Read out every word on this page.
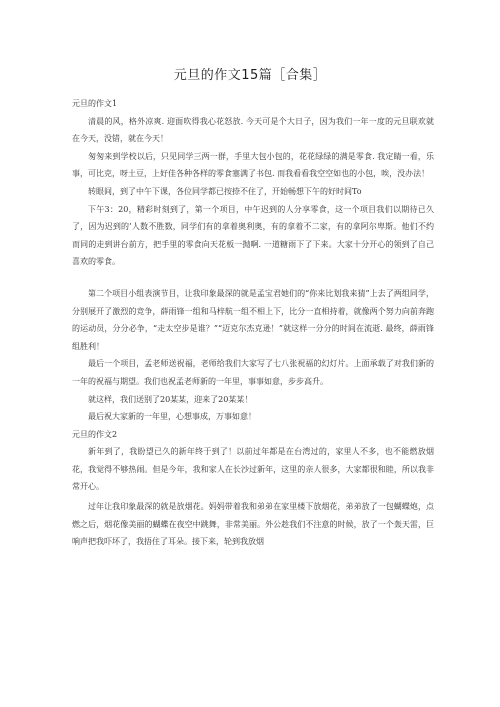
元旦的作文15篇［合集］

元旦的作文1

清晨的风，格外凉爽. 迎面吹得我心花怒放. 今天可是个大日子，因为我们一年一度的元旦联欢就在今天，没错，就在今天！

匆匆来到学校以后，只见同学三两一群，手里大包小包的，花花绿绿的满是零食. 我定睛一看，乐事，可比克，呀土豆，上好佳各种各样的零食塞满了书包. 而我看看我空空如也的小包，唉，没办法！

转眼间，到了中午下课，各位同学都已按捺不住了，开始畅想下午的好时间To

下午3：20，精彩时刻到了，第一个项目，中午迟到的人分享零食，这一个项目我们以期待已久了，因为迟到的’人数不胜数，同学们有的拿着奥利奥，有的拿着不二家，有的拿阿尔卑斯。他们不约而同的走到讲台前方，把手里的零食向天花板一抛啊. 一道糖雨下了下来。大家十分开心的领到了自己喜欢的零食。

第二个项目小组表演节目，让我印象最深的就是孟宝君她们的“你来比划我来猜”上去了两组同学，分别展开了激烈的竞争，薛雨锋一组和马梓航一组不相上下，比分一直相持着，就像两个努力向前奔跑的运动员，分分必争，“走太空步是谁？”“迈克尔杰克逊！”就这样一分分的时间在流逝. 最终，薛雨锋组胜利！

最后一个项目，孟老师送祝福，老师给我们大家写了七八张祝福的幻灯片。上面承载了对我们新的一年的祝福与期望。我们也祝孟老师新的一年里，事事如意，步步高升。

就这样，我们送别了20某某，迎来了20某某！

最后祝大家新的一年里，心想事成，万事如意！

元旦的作文2

新年到了，我盼望已久的新年终于到了！以前过年都是在台湾过的，家里人不多，也不能燃放烟花，我觉得不够热闹。但是今年，我和家人在长沙过新年，这里的亲人很多，大家都很和睦，所以我非常开心。

过年让我印象最深的就是放烟花。妈妈带着我和弟弟在家里楼下放烟花，弟弟放了一包蝴蝶炮，点燃之后，烟花像美丽的蝴蝶在夜空中跳舞，非常美丽。外公趁我们不注意的时候，放了一个轰天雷，巨响声把我吓坏了，我捂住了耳朵。接下来，轮到我放烟
